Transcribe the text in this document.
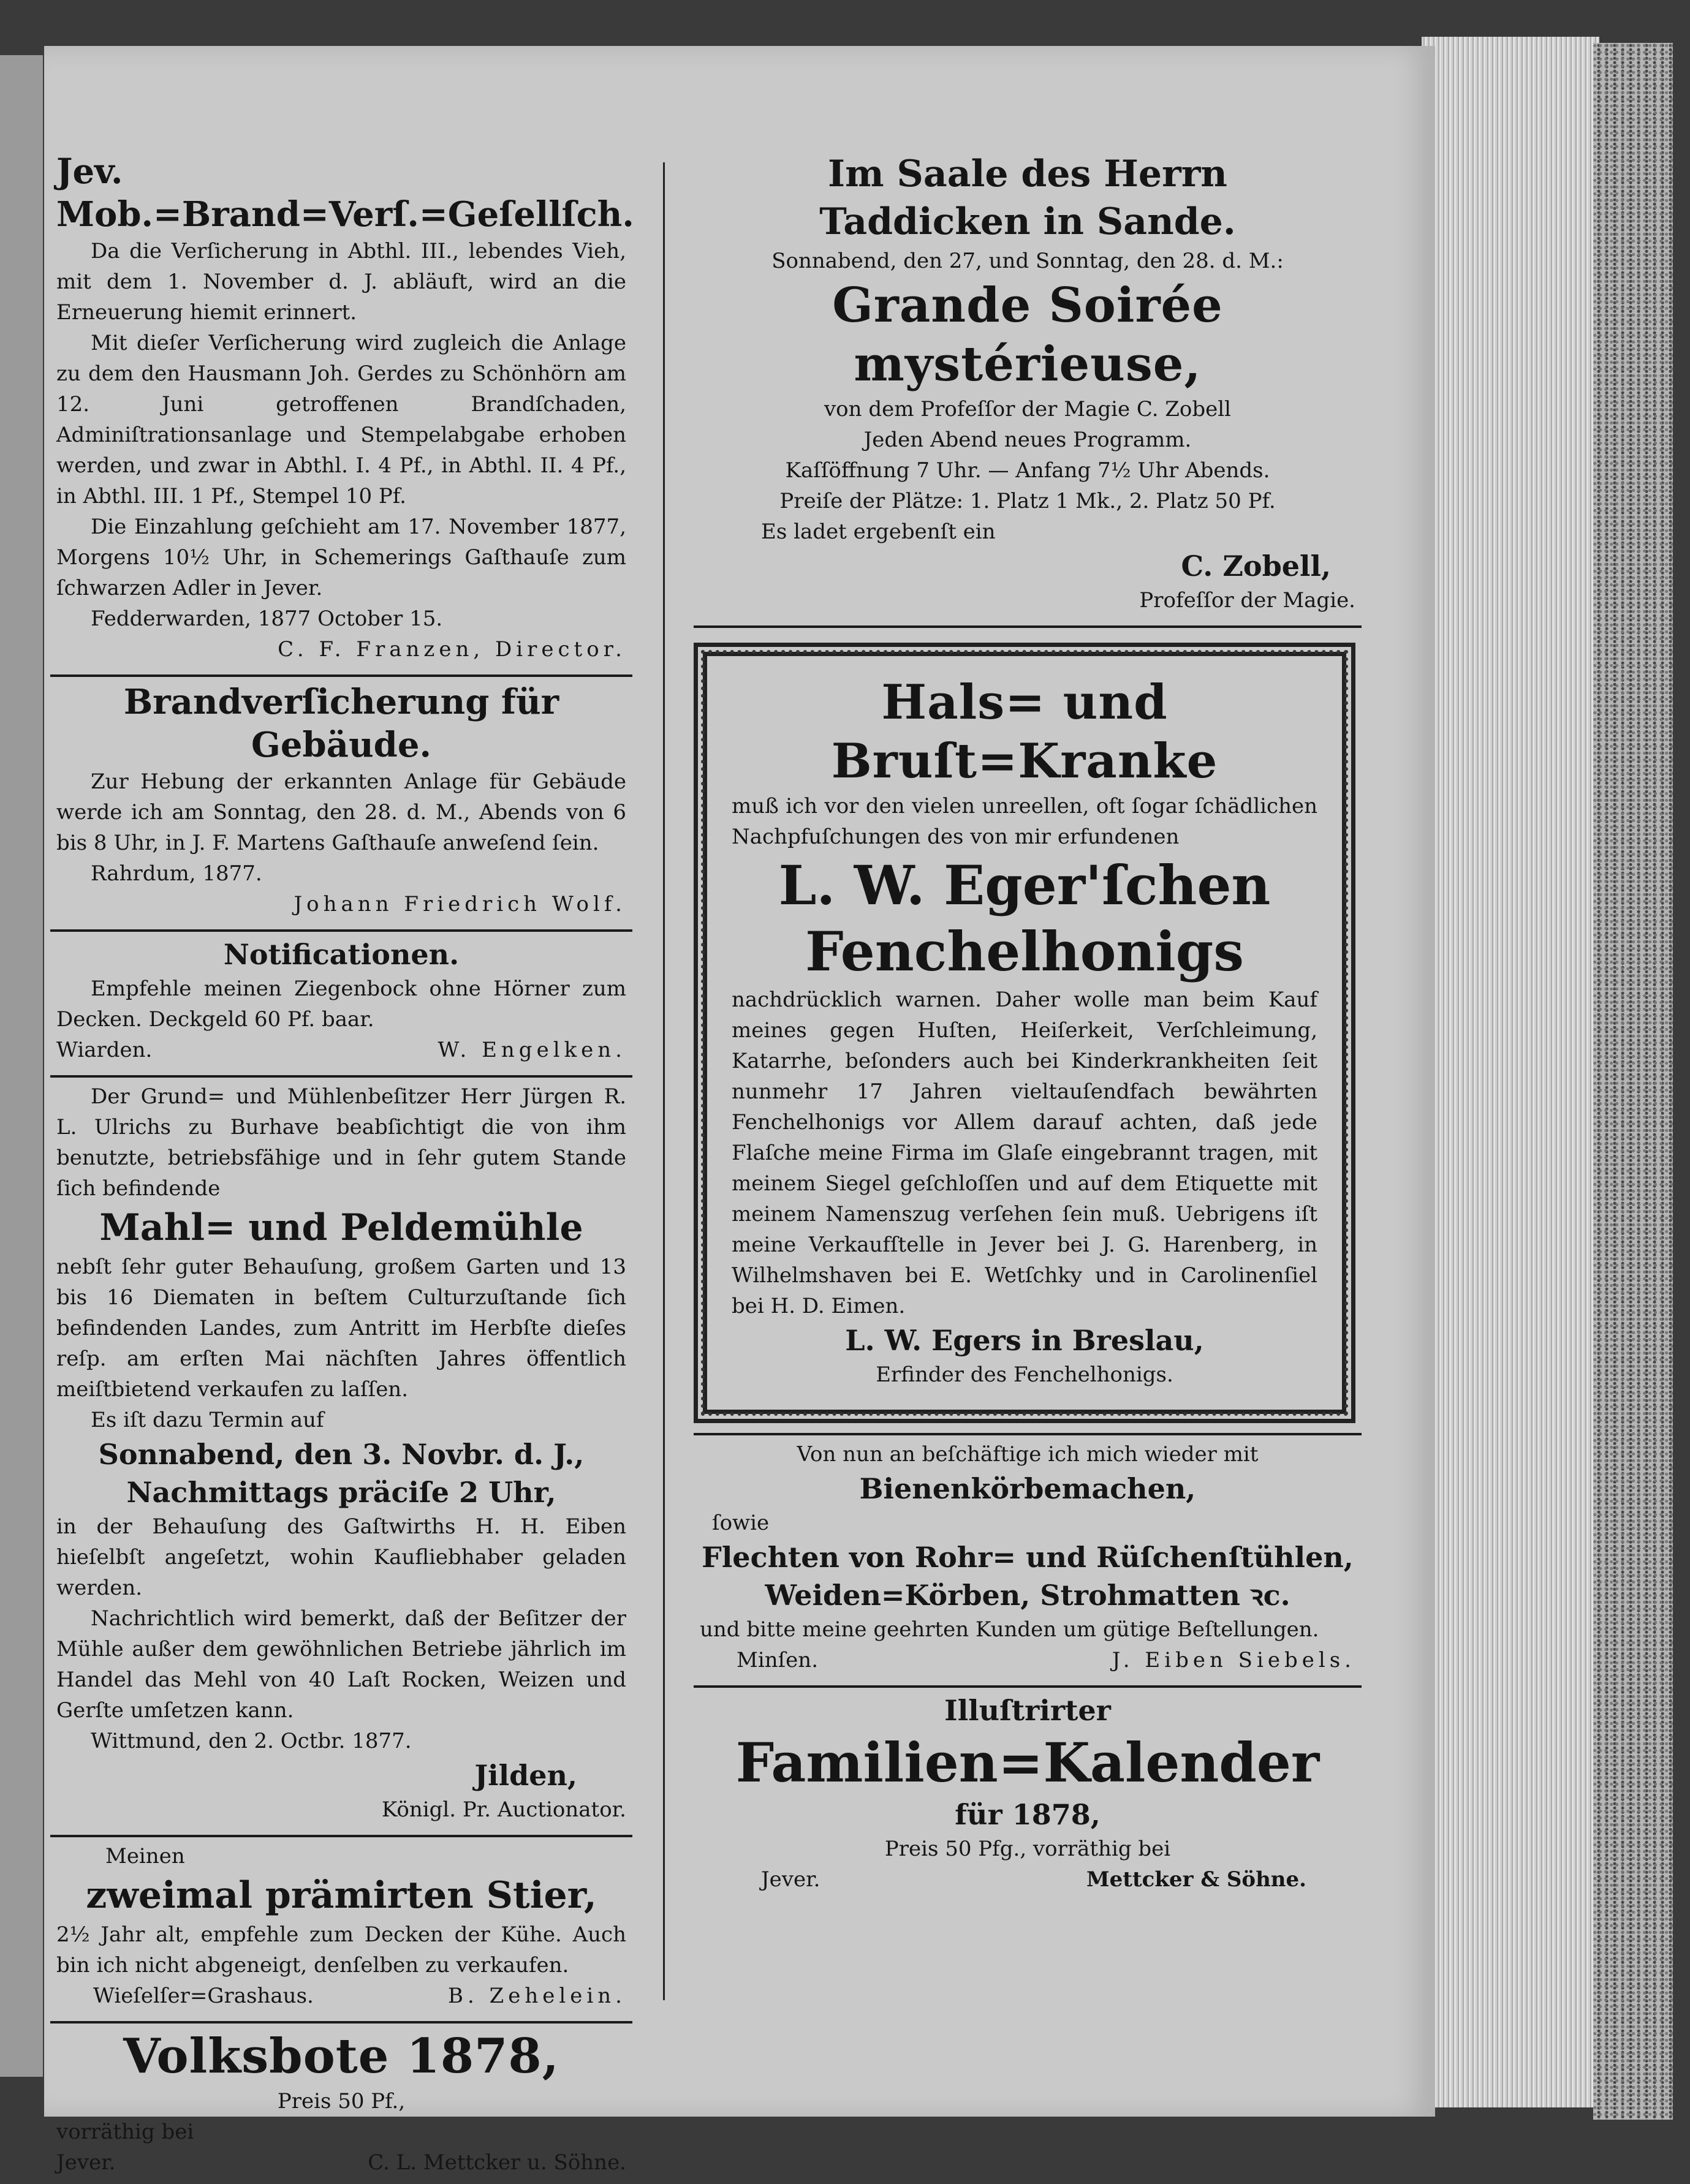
Jev. Mob.=Brand=Verſ.=Geſellſch.

Da die Verſicherung in Abthl. III., lebendes Vieh, mit dem 1. November d. J. abläuft, wird an die Erneuerung hiemit erinnert.

Mit dieſer Verſicherung wird zugleich die Anlage zu dem den Hausmann Joh. Gerdes zu Schönhörn am 12. Juni getroffenen Brandſchaden, Adminiſtrationsanlage und Stempelabgabe erhoben werden, und zwar in Abthl. I. 4 Pf., in Abthl. II. 4 Pf., in Abthl. III. 1 Pf., Stempel 10 Pf.

Die Einzahlung geſchieht am 17. November 1877, Morgens 10½ Uhr, in Schemerings Gaſthauſe zum ſchwarzen Adler in Jever.

Fedderwarden, 1877 October 15.

C. F. Franzen, Director.

Brandverſicherung für Gebäude.

Zur Hebung der erkannten Anlage für Gebäude werde ich am Sonntag, den 28. d. M., Abends von 6 bis 8 Uhr, in J. F. Martens Gaſthauſe anweſend ſein.

Rahrdum, 1877.

Johann Friedrich Wolf.

Notificationen.

Empfehle meinen Ziegenbock ohne Hörner zum Decken. Deckgeld 60 Pf. baar.

Wiarden.	W. Engelken.

Der Grund= und Mühlenbeſitzer Herr Jürgen R. L. Ulrichs zu Burhave beabſichtigt die von ihm benutzte, betriebsfähige und in ſehr gutem Stande ſich befindende

Mahl= und Peldemühle

nebſt ſehr guter Behauſung, großem Garten und 13 bis 16 Diematen in beſtem Culturzuſtande ſich befindenden Landes, zum Antritt im Herbſte dieſes reſp. am erſten Mai nächſten Jahres öffentlich meiſtbietend verkaufen zu laſſen.

Es iſt dazu Termin auf

Sonnabend, den 3. Novbr. d. J.,

Nachmittags präciſe 2 Uhr,

in der Behauſung des Gaſtwirths H. H. Eiben hieſelbſt angeſetzt, wohin Kaufliebhaber geladen werden.

Nachrichtlich wird bemerkt, daß der Beſitzer der Mühle außer dem gewöhnlichen Betriebe jährlich im Handel das Mehl von 40 Laſt Rocken, Weizen und Gerſte umſetzen kann.

Wittmund, den 2. Octbr. 1877.

Jilden,

Königl. Pr. Auctionator.

Meinen

zweimal prämirten Stier,

2½ Jahr alt, empfehle zum Decken der Kühe. Auch bin ich nicht abgeneigt, denſelben zu verkaufen.

Wieſelſer=Grashaus.	B. Zehelein.

Volksbote 1878,

Preis 50 Pf.,

vorräthig bei

Jever.	C. L. Mettcker u. Söhne.

Im Saale des Herrn

Taddicken in Sande.

Sonnabend, den 27, und Sonntag, den 28. d. M.:

Grande Soirée mystérieuse,

von dem Profeſſor der Magie C. Zobell

Jeden Abend neues Programm.

Kaſſöffnung 7 Uhr. — Anfang 7½ Uhr Abends.

Preiſe der Plätze: 1. Platz 1 Mk., 2. Platz 50 Pf.

Es ladet ergebenſt ein

C. Zobell,

Profeſſor der Magie.

Hals= und

Bruſt=Kranke

muß ich vor den vielen unreellen, oft ſogar ſchädlichen Nachpfuſchungen des von mir erfundenen

L. W. Eger'ſchen

Fenchelhonigs

nachdrücklich warnen. Daher wolle man beim Kauf meines gegen Huſten, Heiſerkeit, Verſchleimung, Katarrhe, beſonders auch bei Kinderkrankheiten ſeit nunmehr 17 Jahren vieltauſendfach bewährten Fenchelhonigs vor Allem darauf achten, daß jede Flaſche meine Firma im Glaſe eingebrannt tragen, mit meinem Siegel geſchloſſen und auf dem Etiquette mit meinem Namenszug verſehen ſein muß. Uebrigens iſt meine Verkaufſtelle in Jever bei J. G. Harenberg, in Wilhelmshaven bei E. Wetſchky und in Carolinenſiel bei H. D. Eimen.

L. W. Egers in Breslau,

Erfinder des Fenchelhonigs.

Von nun an beſchäftige ich mich wieder mit

Bienenkörbemachen,

ſowie

Flechten von Rohr= und Rüſchenſtühlen,

Weiden=Körben, Strohmatten ꝛc.

und bitte meine geehrten Kunden um gütige Beſtellungen.

Minſen.	J. Eiben Siebels.

Illuſtrirter

Familien=Kalender

für 1878,

Preis 50 Pfg., vorräthig bei

Jever.	Mettcker & Söhne.
